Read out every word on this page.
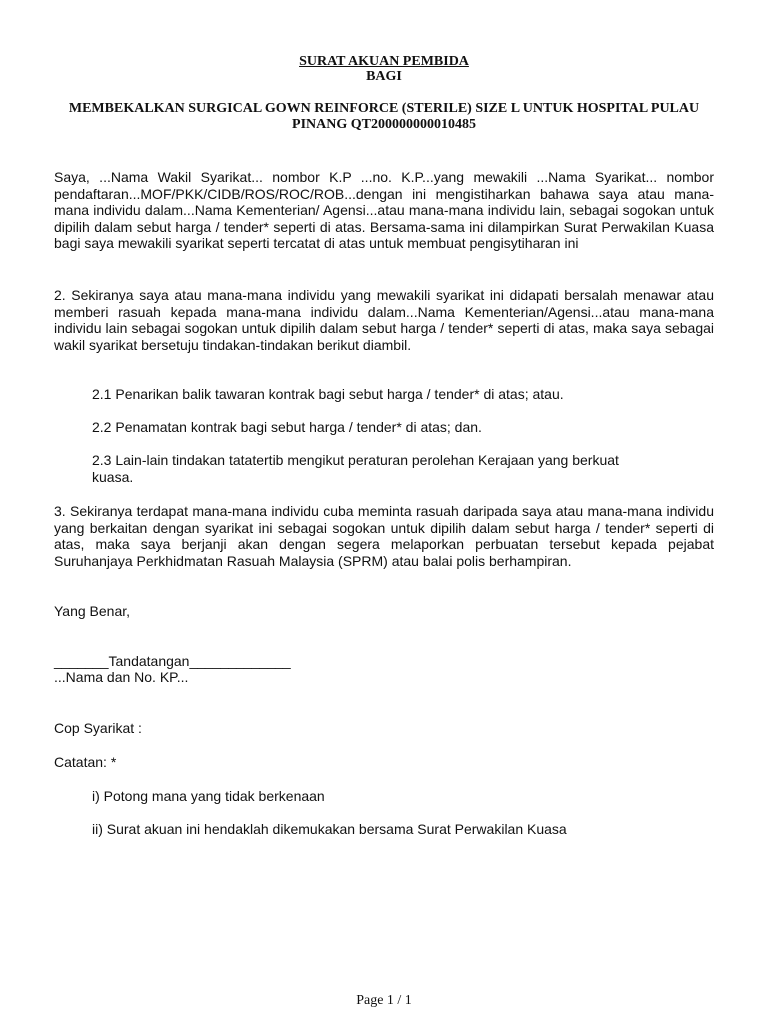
SURAT AKUAN PEMBIDA
BAGI
MEMBEKALKAN SURGICAL GOWN REINFORCE (STERILE) SIZE L UNTUK HOSPITAL PULAU PINANG QT200000000010485
Saya, ...Nama Wakil Syarikat... nombor K.P ...no. K.P...yang mewakili ...Nama Syarikat... nombor pendaftaran...MOF/PKK/CIDB/ROS/ROC/ROB...dengan ini mengistiharkan bahawa saya atau mana-mana individu dalam...Nama Kementerian/ Agensi...atau mana-mana individu lain, sebagai sogokan untuk dipilih dalam sebut harga / tender* seperti di atas. Bersama-sama ini dilampirkan Surat Perwakilan Kuasa bagi saya mewakili syarikat seperti tercatat di atas untuk membuat pengisytiharan ini
2. Sekiranya saya atau mana-mana individu yang mewakili syarikat ini didapati bersalah menawar atau memberi rasuah kepada mana-mana individu dalam...Nama Kementerian/Agensi...atau mana-mana individu lain sebagai sogokan untuk dipilih dalam sebut harga / tender* seperti di atas, maka saya sebagai wakil syarikat bersetuju tindakan-tindakan berikut diambil.
2.1 Penarikan balik tawaran kontrak bagi sebut harga / tender* di atas; atau.
2.2 Penamatan kontrak bagi sebut harga / tender* di atas; dan.
2.3 Lain-lain tindakan tatatertib mengikut peraturan perolehan Kerajaan yang berkuat kuasa.
3. Sekiranya terdapat mana-mana individu cuba meminta rasuah daripada saya atau mana-mana individu yang berkaitan dengan syarikat ini sebagai sogokan untuk dipilih dalam sebut harga / tender* seperti di atas, maka saya berjanji akan dengan segera melaporkan perbuatan tersebut kepada pejabat Suruhanjaya Perkhidmatan Rasuah Malaysia (SPRM) atau balai polis berhampiran.
Yang Benar,
_______Tandatangan_____________
...Nama dan No. KP...
Cop Syarikat :
Catatan: *
i) Potong mana yang tidak berkenaan
ii) Surat akuan ini hendaklah dikemukakan bersama Surat Perwakilan Kuasa
Page 1 / 1
